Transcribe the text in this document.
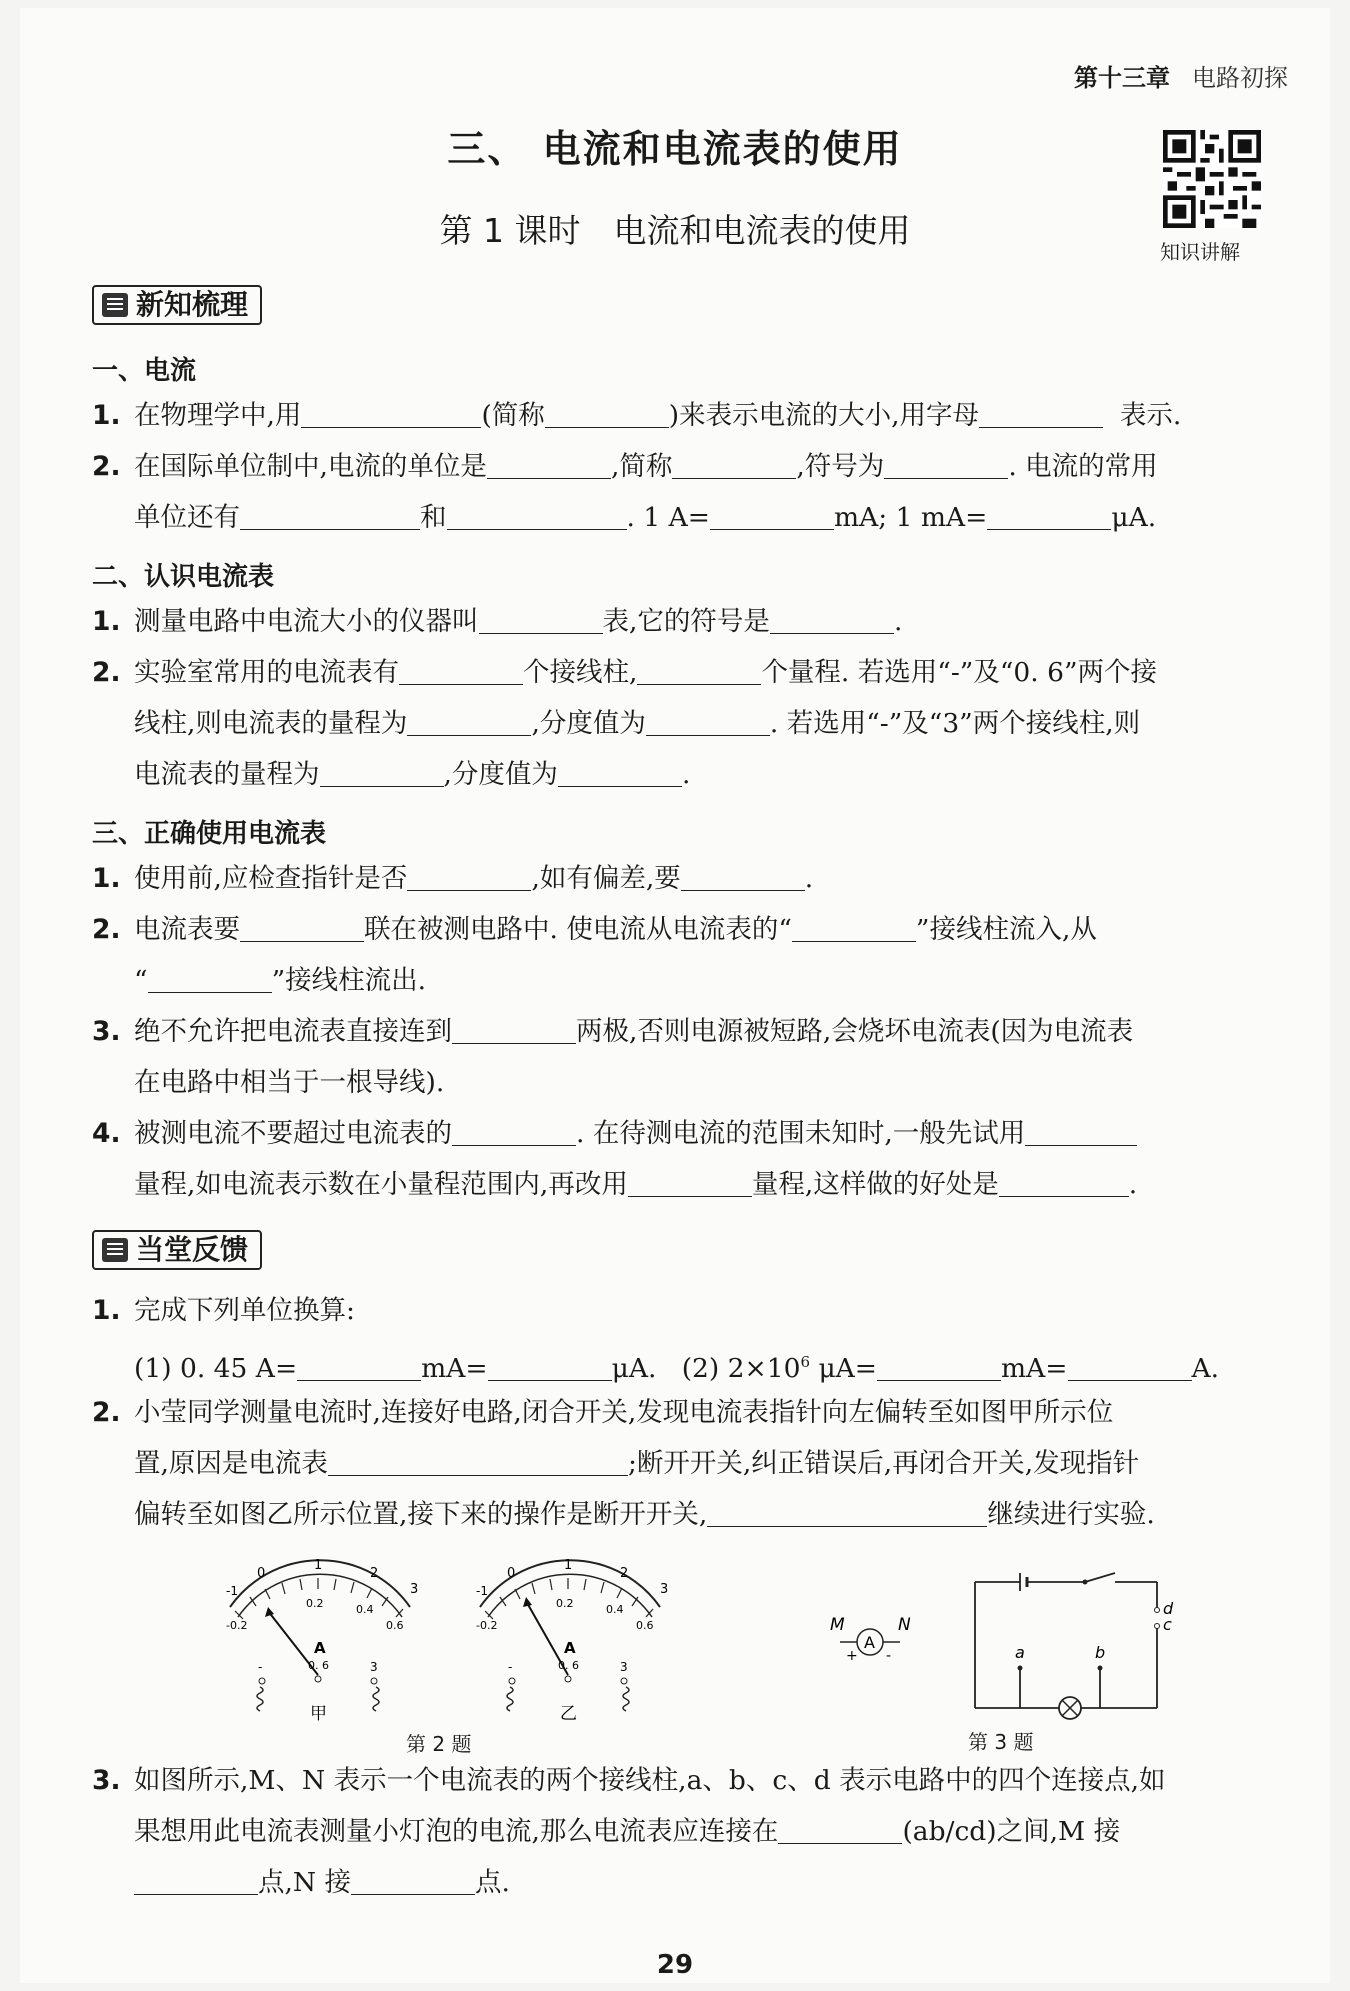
第十三章 电路初探
三、 电流和电流表的使用
第 1 课时　电流和电流表的使用
知识讲解
新知梳理
一、电流
1. 在物理学中,用	(简称	)来表示电流的大小,用字母	表示.
2. 在国际单位制中,电流的单位是	,简称	,符号为	. 电流的常用
单位还有	和	. 1 A=	mA; 1 mA=	μA.
二、认识电流表
1. 测量电路中电流大小的仪器叫	表,它的符号是	.
2. 实验室常用的电流表有	个接线柱,	个量程. 若选用“-”及“0. 6”两个接
线柱,则电流表的量程为	,分度值为	. 若选用“-”及“3”两个接线柱,则
电流表的量程为	,分度值为	.
三、正确使用电流表
1. 使用前,应检查指针是否	,如有偏差,要	.
2. 电流表要	联在被测电路中. 使电流从电流表的“	”接线柱流入,从
“	”接线柱流出.
3. 绝不允许把电流表直接连到	两极,否则电源被短路,会烧坏电流表(因为电流表
在电路中相当于一根导线).
4. 被测电流不要超过电流表的	. 在待测电流的范围未知时,一般先试用
量程,如电流表示数在小量程范围内,再改用	量程,这样做的好处是	.
当堂反馈
1. 完成下列单位换算:
(1) 0. 45 A=	mA=	μA. (2) $2\times 10^6$ μA=	mA=	A.
2. 小莹同学测量电流时,连接好电路,闭合开关,发现电流表指针向左偏转至如图甲所示位
置,原因是电流表	;断开开关,纠正错误后,再闭合开关,发现指针
偏转至如图乙所示位置,接下来的操作是断开开关,	继续进行实验.
-1
0
1
2
3
-0.2
0.2	0.4
0.6
A
-	0. 6	3
甲
-1
0
1
2
3
-0.2
0.2	0.4
0.6
A
-	0. 6	3
乙
第 2 题
M	N
A
+ -	a	b
c
d
第 3 题
3. 如图所示,M、N 表示一个电流表的两个接线柱,a、b、c、d 表示电路中的四个连接点,如
果想用此电流表测量小灯泡的电流,那么电流表应连接在	(ab/cd)之间,M 接
点,N 接	点.
29
